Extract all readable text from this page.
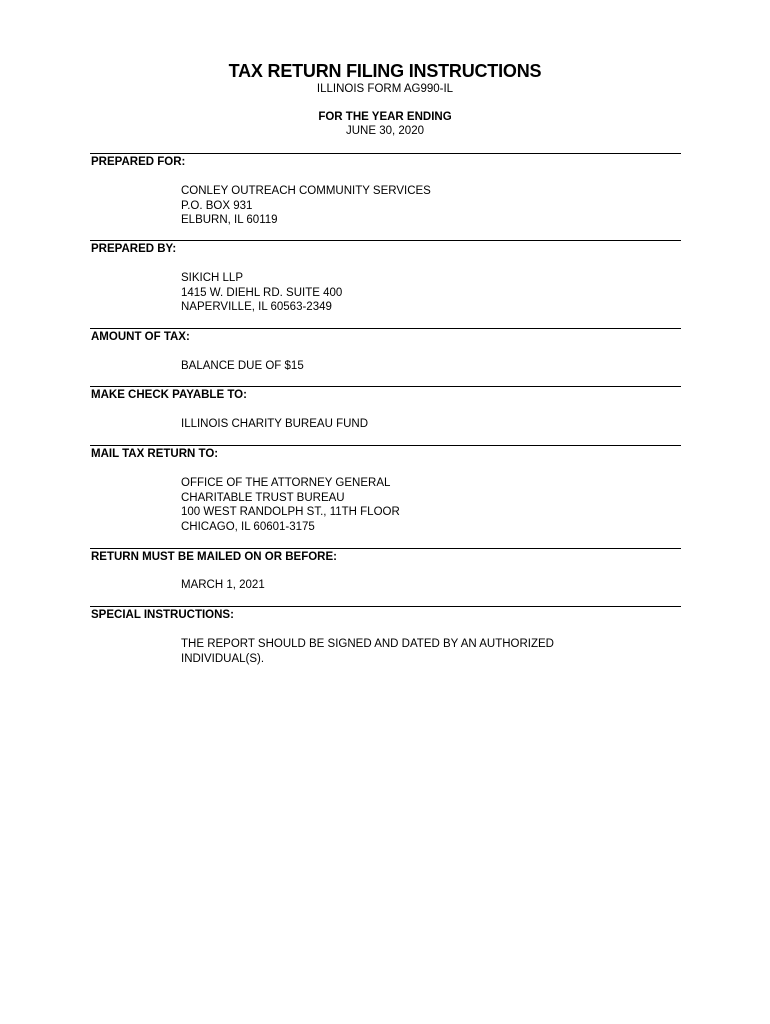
TAX RETURN FILING INSTRUCTIONS
ILLINOIS FORM AG990-IL
FOR THE YEAR ENDING
JUNE 30, 2020
PREPARED FOR:
CONLEY OUTREACH COMMUNITY SERVICES
P.O. BOX 931
ELBURN, IL 60119
PREPARED BY:
SIKICH LLP
1415 W. DIEHL RD. SUITE 400
NAPERVILLE, IL 60563-2349
AMOUNT OF TAX:
BALANCE DUE OF $15
MAKE CHECK PAYABLE TO:
ILLINOIS CHARITY BUREAU FUND
MAIL TAX RETURN TO:
OFFICE OF THE ATTORNEY GENERAL
CHARITABLE TRUST BUREAU
100 WEST RANDOLPH ST., 11TH FLOOR
CHICAGO, IL 60601-3175
RETURN MUST BE MAILED ON OR BEFORE:
MARCH 1, 2021
SPECIAL INSTRUCTIONS:
THE REPORT SHOULD BE SIGNED AND DATED BY AN AUTHORIZED
INDIVIDUAL(S).
